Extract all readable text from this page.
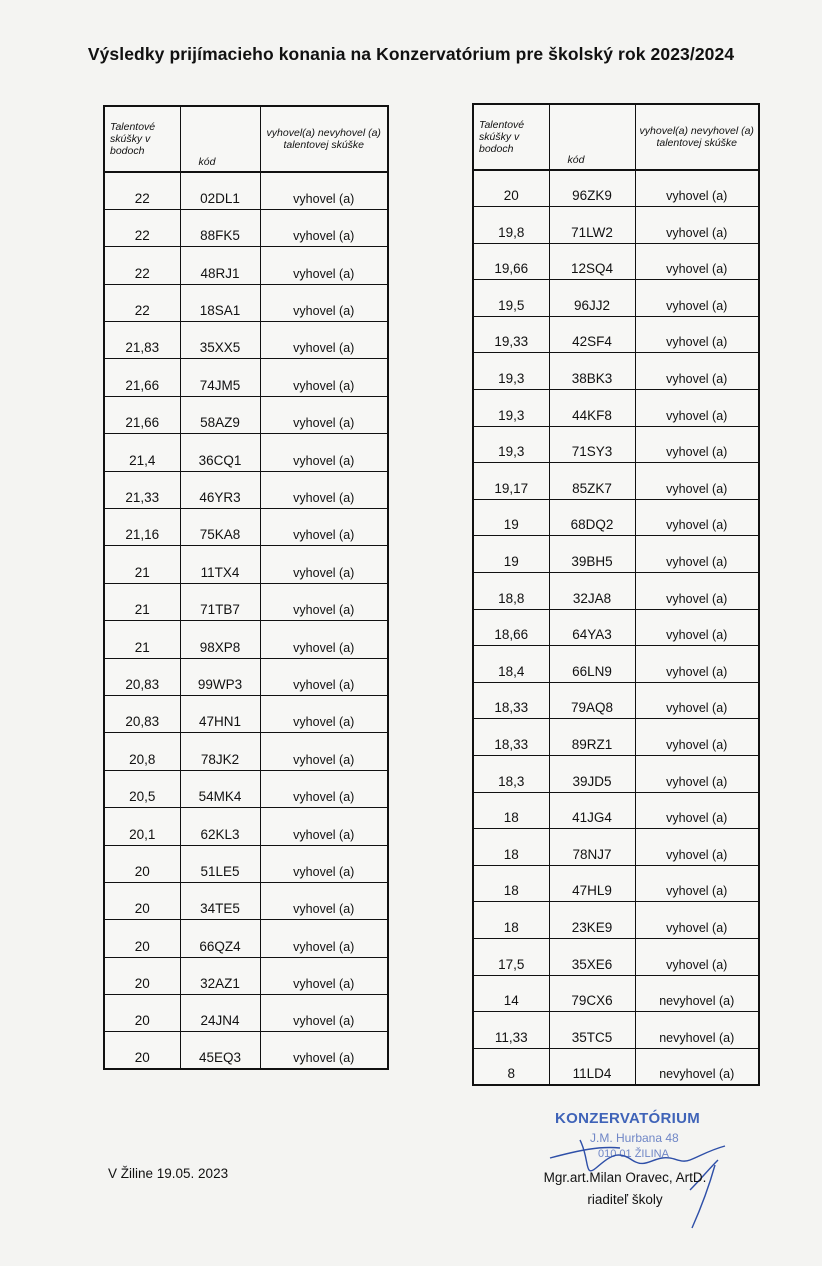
Výsledky prijímacieho konania na Konzervatórium pre školský rok 2023/2024
Talentové skúšky v bodoch	kód	vyhovel(a) nevyhovel (a) talentovej skúške
22	02DL1	vyhovel (a)
22	88FK5	vyhovel (a)
22	48RJ1	vyhovel (a)
22	18SA1	vyhovel (a)
21,83	35XX5	vyhovel (a)
21,66	74JM5	vyhovel (a)
21,66	58AZ9	vyhovel (a)
21,4	36CQ1	vyhovel (a)
21,33	46YR3	vyhovel (a)
21,16	75KA8	vyhovel (a)
21	11TX4	vyhovel (a)
21	71TB7	vyhovel (a)
21	98XP8	vyhovel (a)
20,83	99WP3	vyhovel (a)
20,83	47HN1	vyhovel (a)
20,8	78JK2	vyhovel (a)
20,5	54MK4	vyhovel (a)
20,1	62KL3	vyhovel (a)
20	51LE5	vyhovel (a)
20	34TE5	vyhovel (a)
20	66QZ4	vyhovel (a)
20	32AZ1	vyhovel (a)
20	24JN4	vyhovel (a)
20	45EQ3	vyhovel (a)
Talentové skúšky v bodoch	kód	vyhovel(a) nevyhovel (a) talentovej skúške
20	96ZK9	vyhovel (a)
19,8	71LW2	vyhovel (a)
19,66	12SQ4	vyhovel (a)
19,5	96JJ2	vyhovel (a)
19,33	42SF4	vyhovel (a)
19,3	38BK3	vyhovel (a)
19,3	44KF8	vyhovel (a)
19,3	71SY3	vyhovel (a)
19,17	85ZK7	vyhovel (a)
19	68DQ2	vyhovel (a)
19	39BH5	vyhovel (a)
18,8	32JA8	vyhovel (a)
18,66	64YA3	vyhovel (a)
18,4	66LN9	vyhovel (a)
18,33	79AQ8	vyhovel (a)
18,33	89RZ1	vyhovel (a)
18,3	39JD5	vyhovel (a)
18	41JG4	vyhovel (a)
18	78NJ7	vyhovel (a)
18	47HL9	vyhovel (a)
18	23KE9	vyhovel (a)
17,5	35XE6	vyhovel (a)
14	79CX6	nevyhovel (a)
11,33	35TC5	nevyhovel (a)
8	11LD4	nevyhovel (a)
V Žiline 19.05. 2023
KONZERVATÓRIUM
J.M. Hurbana 48
010 01 ŽILINA
Mgr.art.Milan Oravec, ArtD.
riaditeľ školy
